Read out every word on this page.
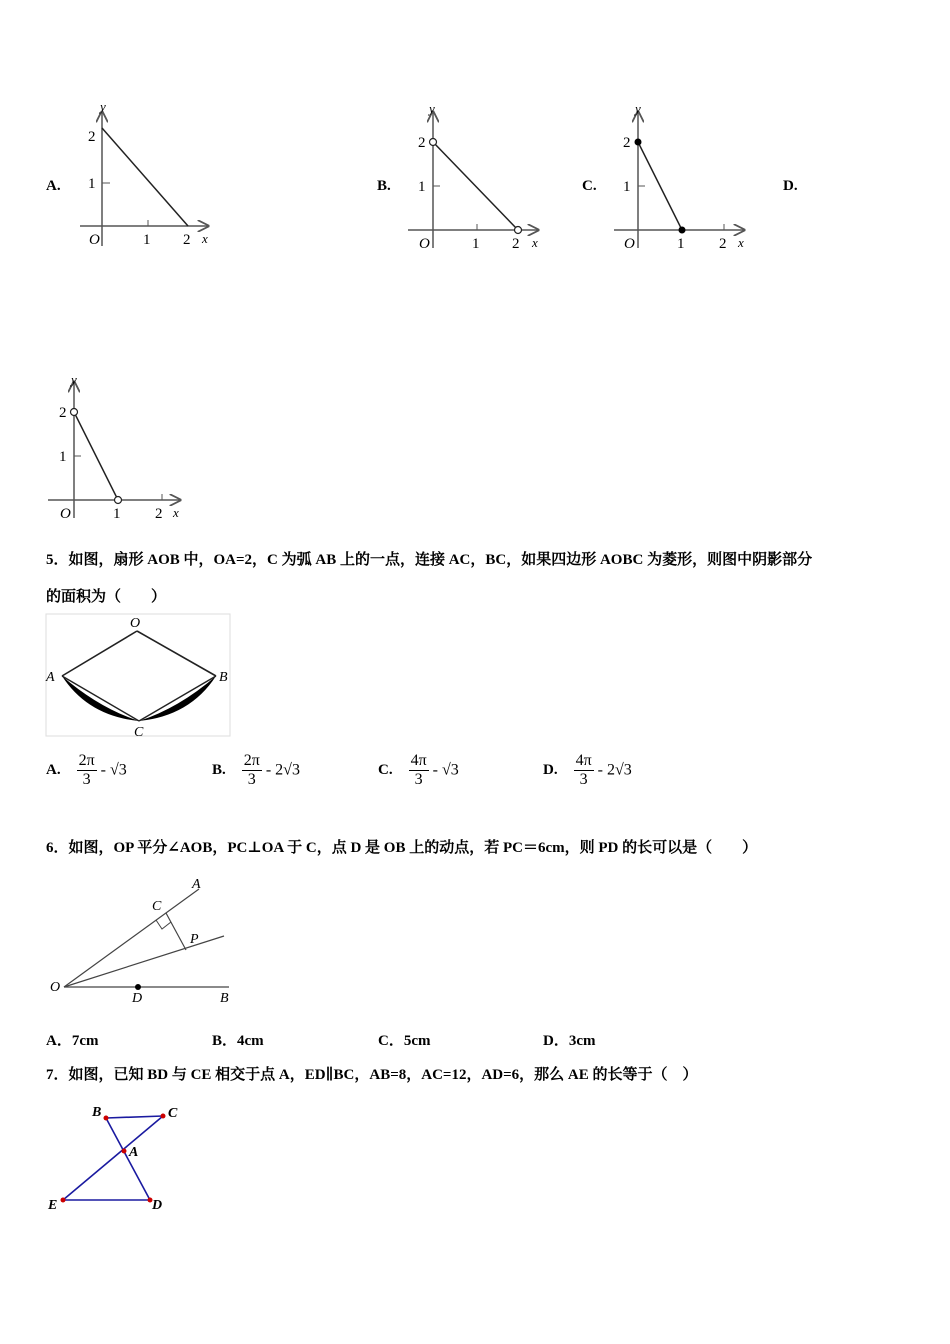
A.
y
x
2
1
O	1 2
B.
y
x
2
1
O	1 2
C.
y
x
2
1
O	1 2
D.
y
x
2
1
O	1 2
5．如图，扇形 AOB 中，OA=2，C 为弧 AB 上的一点，连接 AC，BC，如果四边形 AOBC 为菱形，则图中阴影部分
的面积为（　　）
O
A	B
C
A. $\frac{2\pi}{3} - √3$	B. $\frac{2\pi}{3} - 2√3$	C. $\frac{4\pi}{3} - √3$	D. $\frac{4\pi}{3} - 2√3$
6．如图，OP 平分∠AOB，PC⊥OA 于 C，点 D 是 OB 上的动点，若 PC＝6cm，则 PD 的长可以是（　　）
O
A
C
P
D	B
A．7cm	B．4cm	C．5cm	D．3cm
7．如图，已知 BD 与 CE 相交于点 A，ED∥BC，AB=8，AC=12，AD=6，那么 AE 的长等于（　）
B	C
A
E	D
